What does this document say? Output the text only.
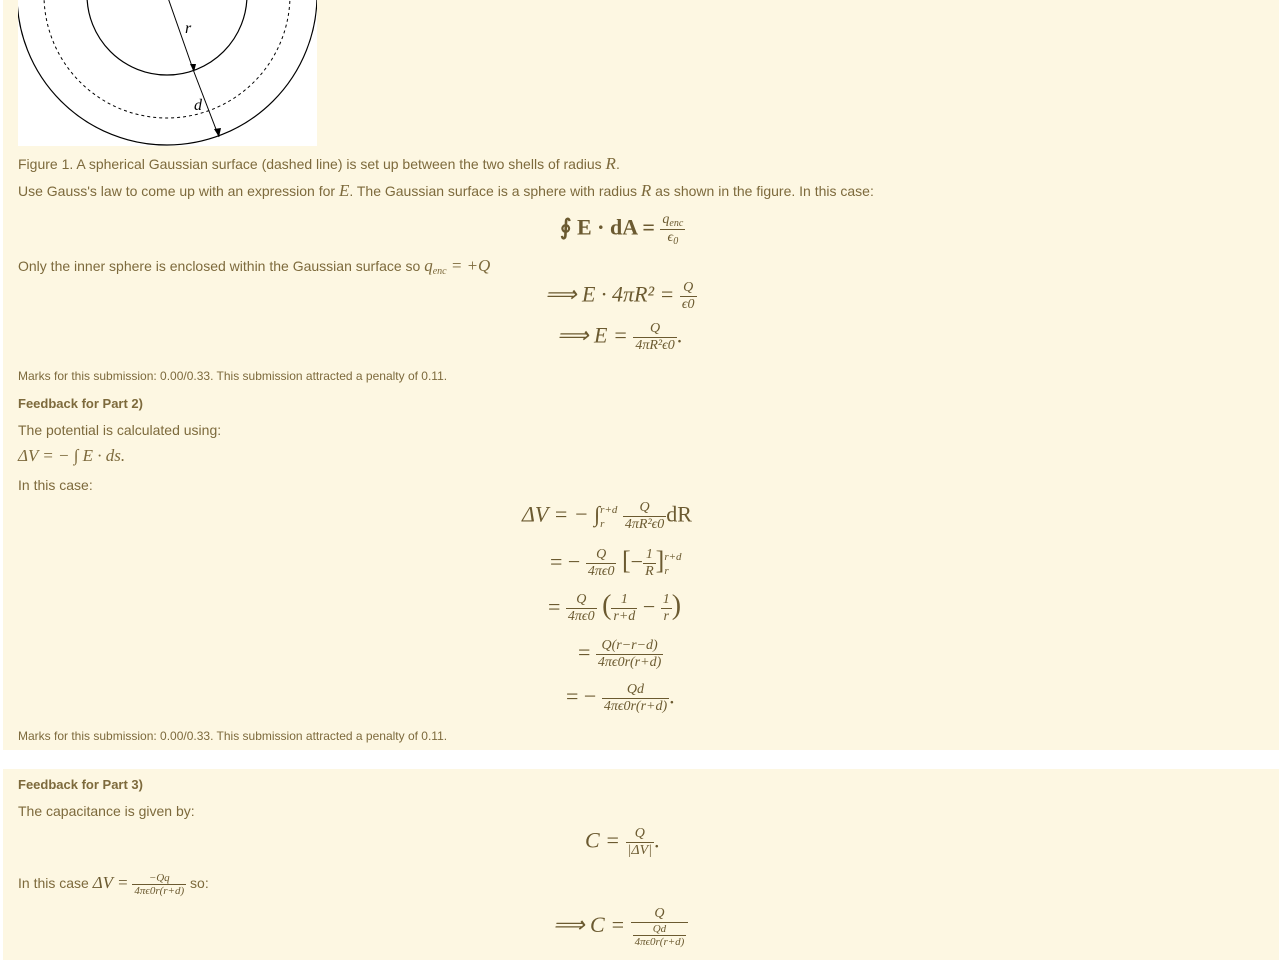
r
d
Figure 1. A spherical Gaussian surface (dashed line) is set up between the two shells of radius R.
Use Gauss's law to come up with an expression for E. The Gaussian surface is a sphere with radius R as shown in the figure. In this case:
∮ E · dA = $\frac{q_{enc}}{\epsilon_0}$
Only the inner sphere is enclosed within the Gaussian surface so $q_{enc} = +Q$
⟹ $E \cdot 4\pi R^2 = \frac{Q}{\epsilon 0}$
⟹ $E = \frac{Q}{\text{4πR²ϵ0}}$ .
Marks for this submission: 0.00/0.33. This submission attracted a penalty of 0.11.
Feedback for Part 2)
The potential is calculated using:
ΔV = − ∫ E · ds.
In this case:
ΔV = − ∫ r+d
r
	$\frac{Q}{\text{4πR²ϵ0}}$ dR
= − $\frac{Q}{4\pi\epsilon 0}$ [− $\frac{1}{R}$ ] r+d
r
= $\frac{Q}{4\pi\epsilon 0}$ ( $\frac{1}{r+d} - \frac{1}{r}$ )
= $\frac{Q(r-r-d)}{4\pi\epsilon 0r(r+d)}$
= − $\frac{Qd}{4\pi\epsilon 0r(r+d)}$ .
Marks for this submission: 0.00/0.33. This submission attracted a penalty of 0.11.
Feedback for Part 3)
The capacitance is given by:
$C = \frac{Q}{|\Delta V|}$ .
In this case $\Delta V = \frac{-Qq}{4\pi\epsilon 0r(r+d)}$ so:
⟹ C = Q
Qd
4πϵ0r(r+d)
